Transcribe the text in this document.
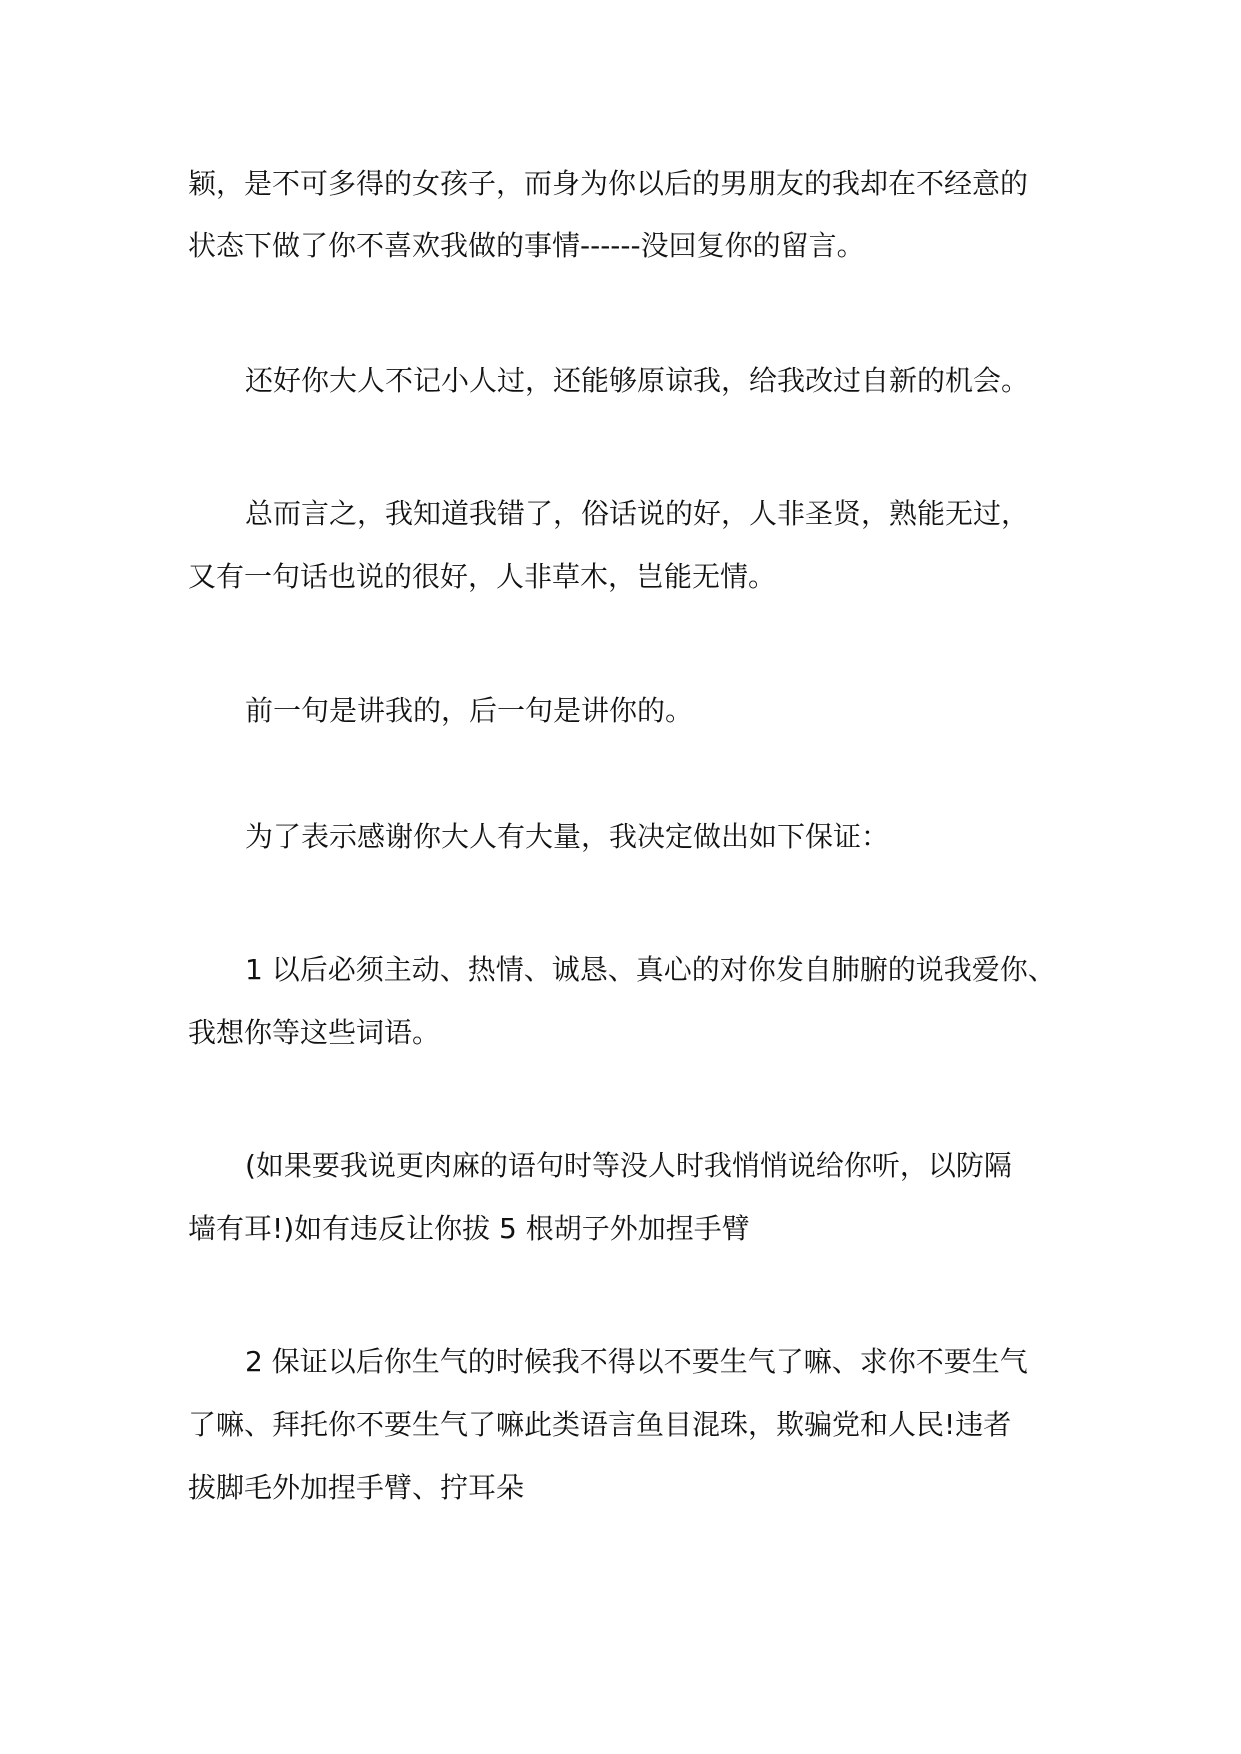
颖，是不可多得的女孩子，而身为你以后的男朋友的我却在不经意的
状态下做了你不喜欢我做的事情------没回复你的留言。
还好你大人不记小人过，还能够原谅我，给我改过自新的机会。
总而言之，我知道我错了，俗话说的好，人非圣贤，熟能无过，
又有一句话也说的很好，人非草木，岂能无情。
前一句是讲我的，后一句是讲你的。
为了表示感谢你大人有大量，我决定做出如下保证：
1 以后必须主动、热情、诚恳、真心的对你发自肺腑的说我爱你、
我想你等这些词语。
(如果要我说更肉麻的语句时等没人时我悄悄说给你听，以防隔
墙有耳!)如有违反让你拔 5 根胡子外加捏手臂
2 保证以后你生气的时候我不得以不要生气了嘛、求你不要生气
了嘛、拜托你不要生气了嘛此类语言鱼目混珠，欺骗党和人民!违者
拔脚毛外加捏手臂、拧耳朵
